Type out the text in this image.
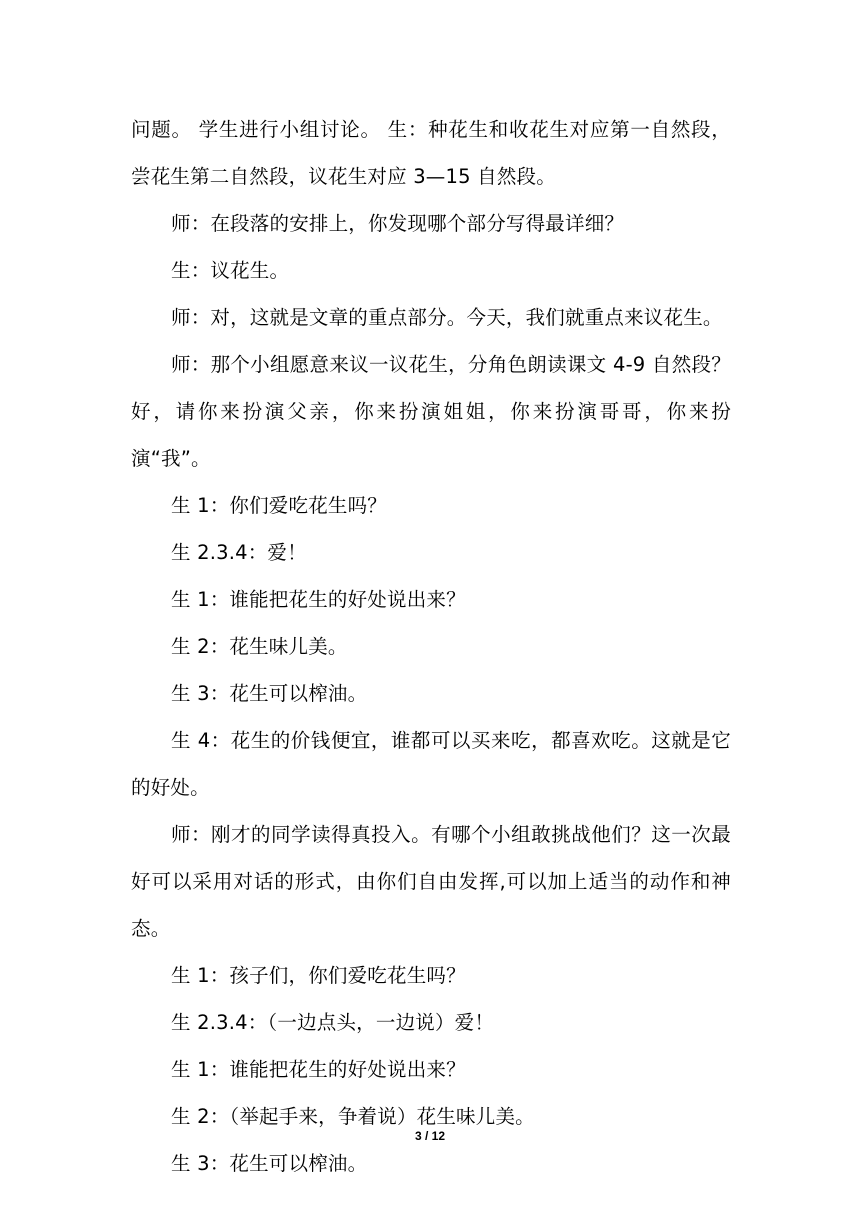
问题。 学生进行小组讨论。 生：种花生和收花生对应第一自然段，尝花生第二自然段，议花生对应 3—15 自然段。

师：在段落的安排上，你发现哪个部分写得最详细？

生：议花生。

师：对，这就是文章的重点部分。今天，我们就重点来议花生。

师：那个小组愿意来议一议花生，分角色朗读课文 4-9 自然段？好，请你来扮演父亲，你来扮演姐姐，你来扮演哥哥，你来扮演“我”。

生 1：你们爱吃花生吗？

生 2.3.4：爱！

生 1：谁能把花生的好处说出来？

生 2：花生味儿美。

生 3：花生可以榨油。

生 4：花生的价钱便宜，谁都可以买来吃，都喜欢吃。这就是它的好处。

师：刚才的同学读得真投入。有哪个小组敢挑战他们？这一次最好可以采用对话的形式，由你们自由发挥,可以加上适当的动作和神态。

生 1：孩子们，你们爱吃花生吗？

生 2.3.4：（一边点头，一边说）爱！

生 1：谁能把花生的好处说出来？

生 2：（举起手来，争着说）花生味儿美。

生 3：花生可以榨油。

3 / 12
